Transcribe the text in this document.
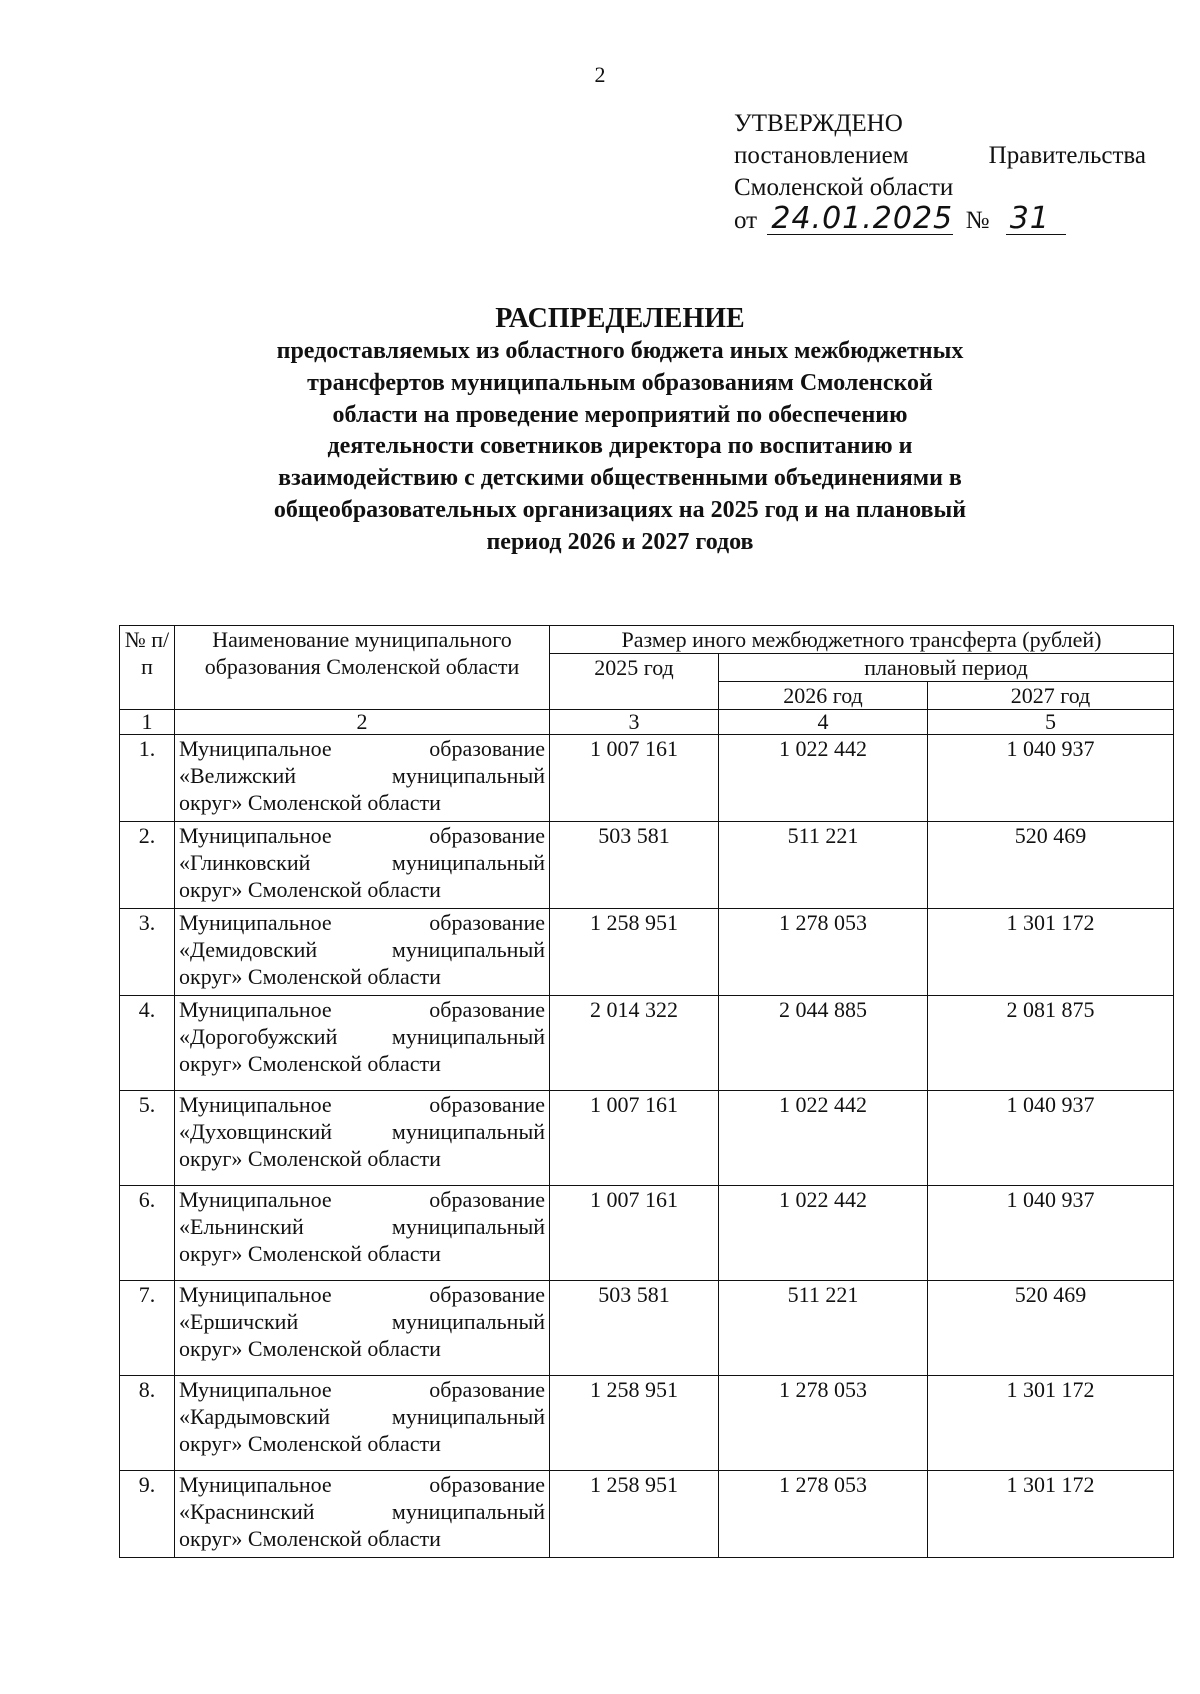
2
УТВЕРЖДЕНО
постановлением	Правительства
Смоленской области
от 24.01.2025 № 31
РАСПРЕДЕЛЕНИЕ
предоставляемых из областного бюджета иных межбюджетных трансфертов муниципальным образованиям Смоленской области на проведение мероприятий по обеспечению деятельности советников директора по воспитанию и взаимодействию с детскими общественными объединениями в общеобразовательных организациях на 2025 год и на плановый период 2026 и 2027 годов
№ п/п	Наименование муниципального образования Смоленской области	Размер иного межбюджетного трансферта (рублей)		
		2025 год	плановый период	
			2026 год	2027 год
1	2	3	4	5
1.	Муниципальное образование
«Велижский муниципальный
округ» Смоленской области	1 007 161	1 022 442	1 040 937
2.	Муниципальное образование
«Глинковский муниципальный
округ» Смоленской области	503 581	511 221	520 469
3.	Муниципальное образование
«Демидовский муниципальный
округ» Смоленской области	1 258 951	1 278 053	1 301 172
4.	Муниципальное образование
«Дорогобужский муниципальный
округ» Смоленской области	2 014 322	2 044 885	2 081 875
5.	Муниципальное образование
«Духовщинский муниципальный
округ» Смоленской области	1 007 161	1 022 442	1 040 937
6.	Муниципальное образование
«Ельнинский муниципальный
округ» Смоленской области	1 007 161	1 022 442	1 040 937
7.	Муниципальное образование
«Ершичский муниципальный
округ» Смоленской области	503 581	511 221	520 469
8.	Муниципальное образование
«Кардымовский муниципальный
округ» Смоленской области	1 258 951	1 278 053	1 301 172
9.	Муниципальное образование
«Краснинский муниципальный
округ» Смоленской области	1 258 951	1 278 053	1 301 172
